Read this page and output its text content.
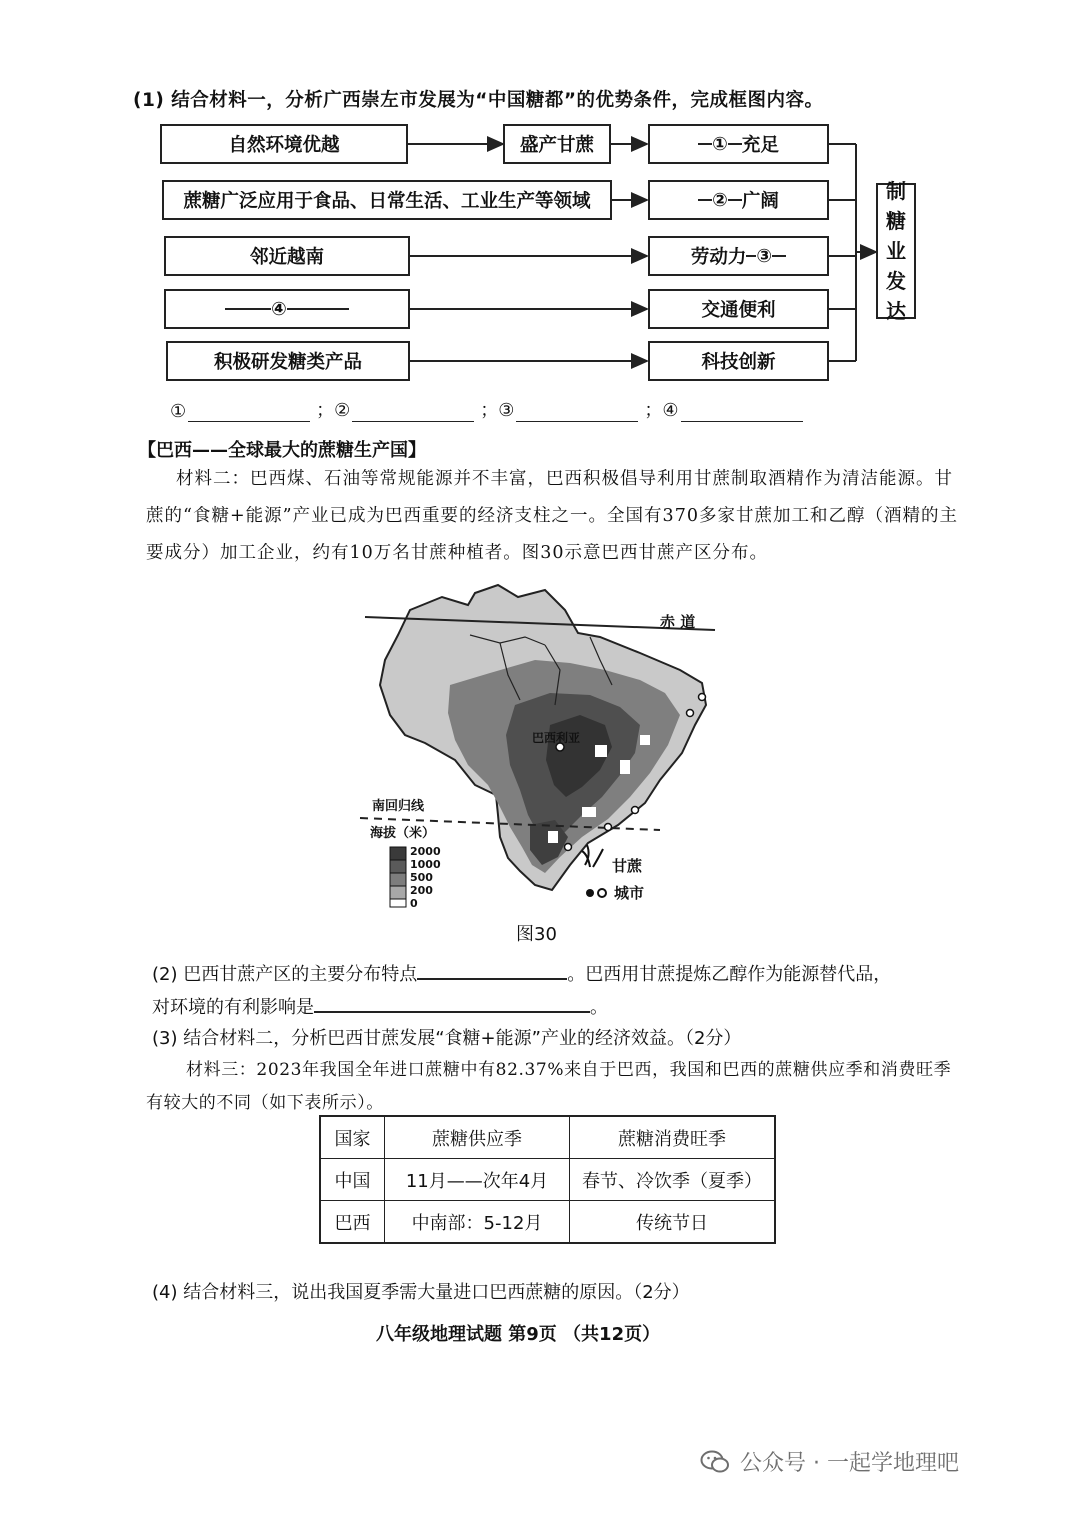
(1) 结合材料一，分析广西崇左市发展为“中国糖都”的优势条件，完成框图内容。
自然环境优越
蔗糖广泛应用于食品、日常生活、工业生产等领域
邻近越南
④
积极研发糖类产品
盛产甘蔗	① 充足
② 广阔
劳动力 ③
交通便利
科技创新
制
糖
业
发
达
①	；②	；③	；④
【巴西——全球最大的蔗糖生产国】
材料二：巴西煤、石油等常规能源并不丰富，巴西积极倡导利用甘蔗制取酒精作为清洁能源。甘蔗的“食糖+能源”产业已成为巴西重要的经济支柱之一。全国有370多家甘蔗加工和乙醇（酒精的主要成分）加工企业，约有10万名甘蔗种植者。图30示意巴西甘蔗产区分布。
赤 道
南回归线
巴西利亚
海拔（米）
2000
1000
500
200
0
甘蔗
城市
图30
(2) 巴西甘蔗产区的主要分布特点	。巴西用甘蔗提炼乙醇作为能源替代品，
对环境的有利影响是	。
(3) 结合材料二，分析巴西甘蔗发展“食糖+能源”产业的经济效益。（2分）
材料三：2023年我国全年进口蔗糖中有82.37%来自于巴西，我国和巴西的蔗糖供应季和消费旺季有较大的不同（如下表所示）。
国家	蔗糖供应季	蔗糖消费旺季
中国	11月——次年4月	春节、冷饮季（夏季）
巴西	中南部：5-12月	传统节日
(4) 结合材料三，说出我国夏季需大量进口巴西蔗糖的原因。（2分）
八年级地理试题 第9页 （共12页）
公众号 · 一起学地理吧
